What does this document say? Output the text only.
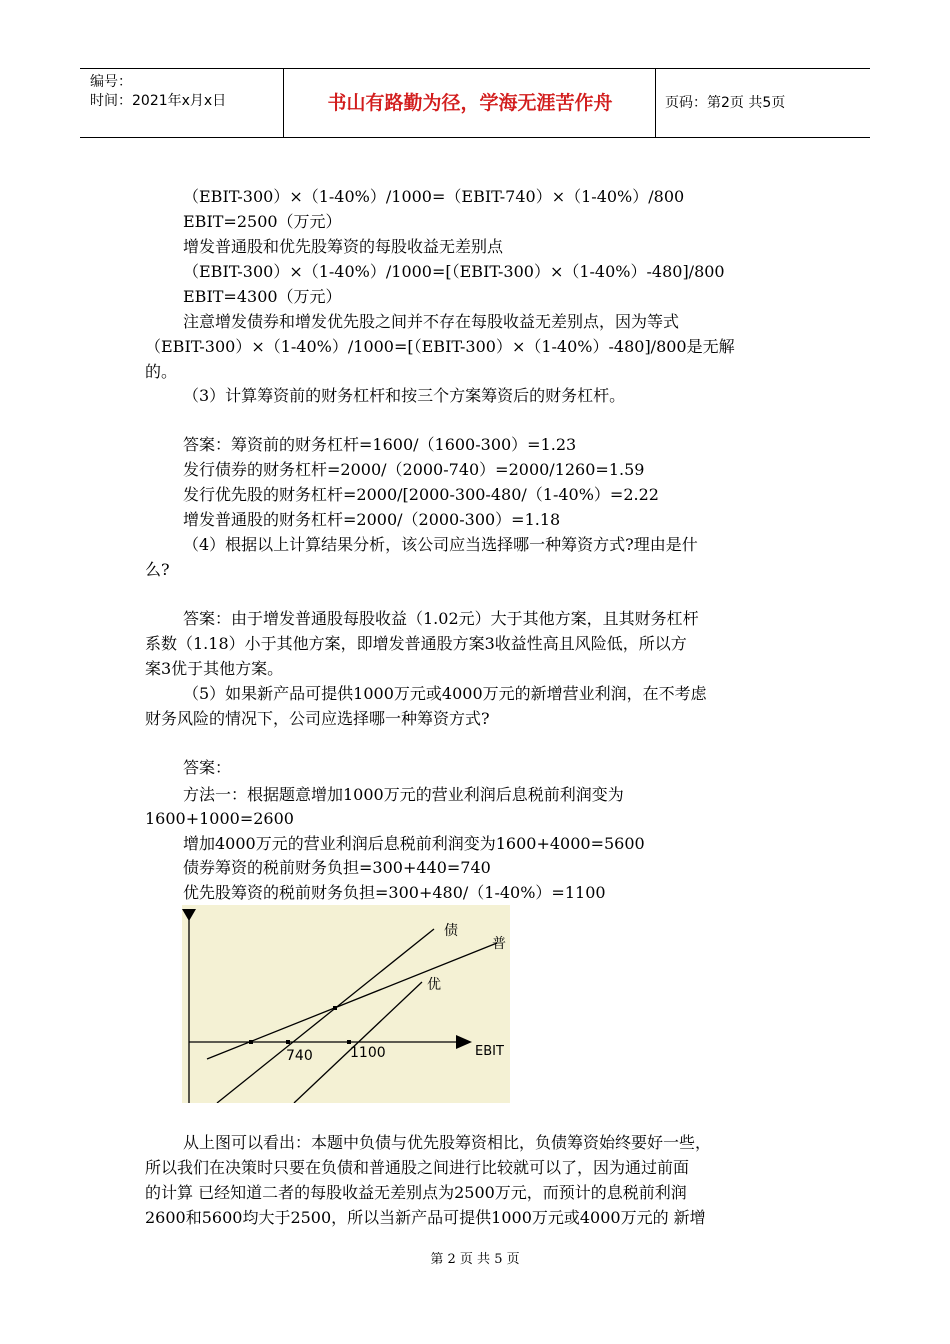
编号：
时间：2021年x月x日	书山有路勤为径，学海无涯苦作舟	页码：第2页 共5页
（EBIT-300）×（1-40%）/1000=（EBIT-740）×（1-40%）/800
EBIT=2500（万元）
增发普通股和优先股筹资的每股收益无差别点
（EBIT-300）×（1-40%）/1000=[（EBIT-300）×（1-40%）-480]/800
EBIT=4300（万元）
注意增发债券和增发优先股之间并不存在每股收益无差别点，因为等式
（EBIT-300）×（1-40%）/1000=[（EBIT-300）×（1-40%）-480]/800是无解
的。
（3）计算筹资前的财务杠杆和按三个方案筹资后的财务杠杆。
答案：筹资前的财务杠杆=1600/（1600-300）=1.23
发行债券的财务杠杆=2000/（2000-740）=2000/1260=1.59
发行优先股的财务杠杆=2000/[2000-300-480/（1-40%）=2.22
增发普通股的财务杠杆=2000/（2000-300）=1.18
（4）根据以上计算结果分析，该公司应当选择哪一种筹资方式?理由是什
么?
答案：由于增发普通股每股收益（1.02元）大于其他方案，且其财务杠杆
系数（1.18）小于其他方案，即增发普通股方案3收益性高且风险低，所以方
案3优于其他方案。
（5）如果新产品可提供1000万元或4000万元的新增营业利润，在不考虑
财务风险的情况下，公司应选择哪一种筹资方式?
答案：
方法一：根据题意增加1000万元的营业利润后息税前利润变为
1600+1000=2600
增加4000万元的营业利润后息税前利润变为1600+4000=5600
债券筹资的税前财务负担=300+440=740
优先股筹资的税前财务负担=300+480/（1-40%）=1100
债
普
优
740	1100	EBIT
从上图可以看出：本题中负债与优先股筹资相比，负债筹资始终要好一些，
所以我们在决策时只要在负债和普通股之间进行比较就可以了，因为通过前面
的计算 已经知道二者的每股收益无差别点为2500万元，而预计的息税前利润
2600和5600均大于2500，所以当新产品可提供1000万元或4000万元的 新增
第 2 页 共 5 页
